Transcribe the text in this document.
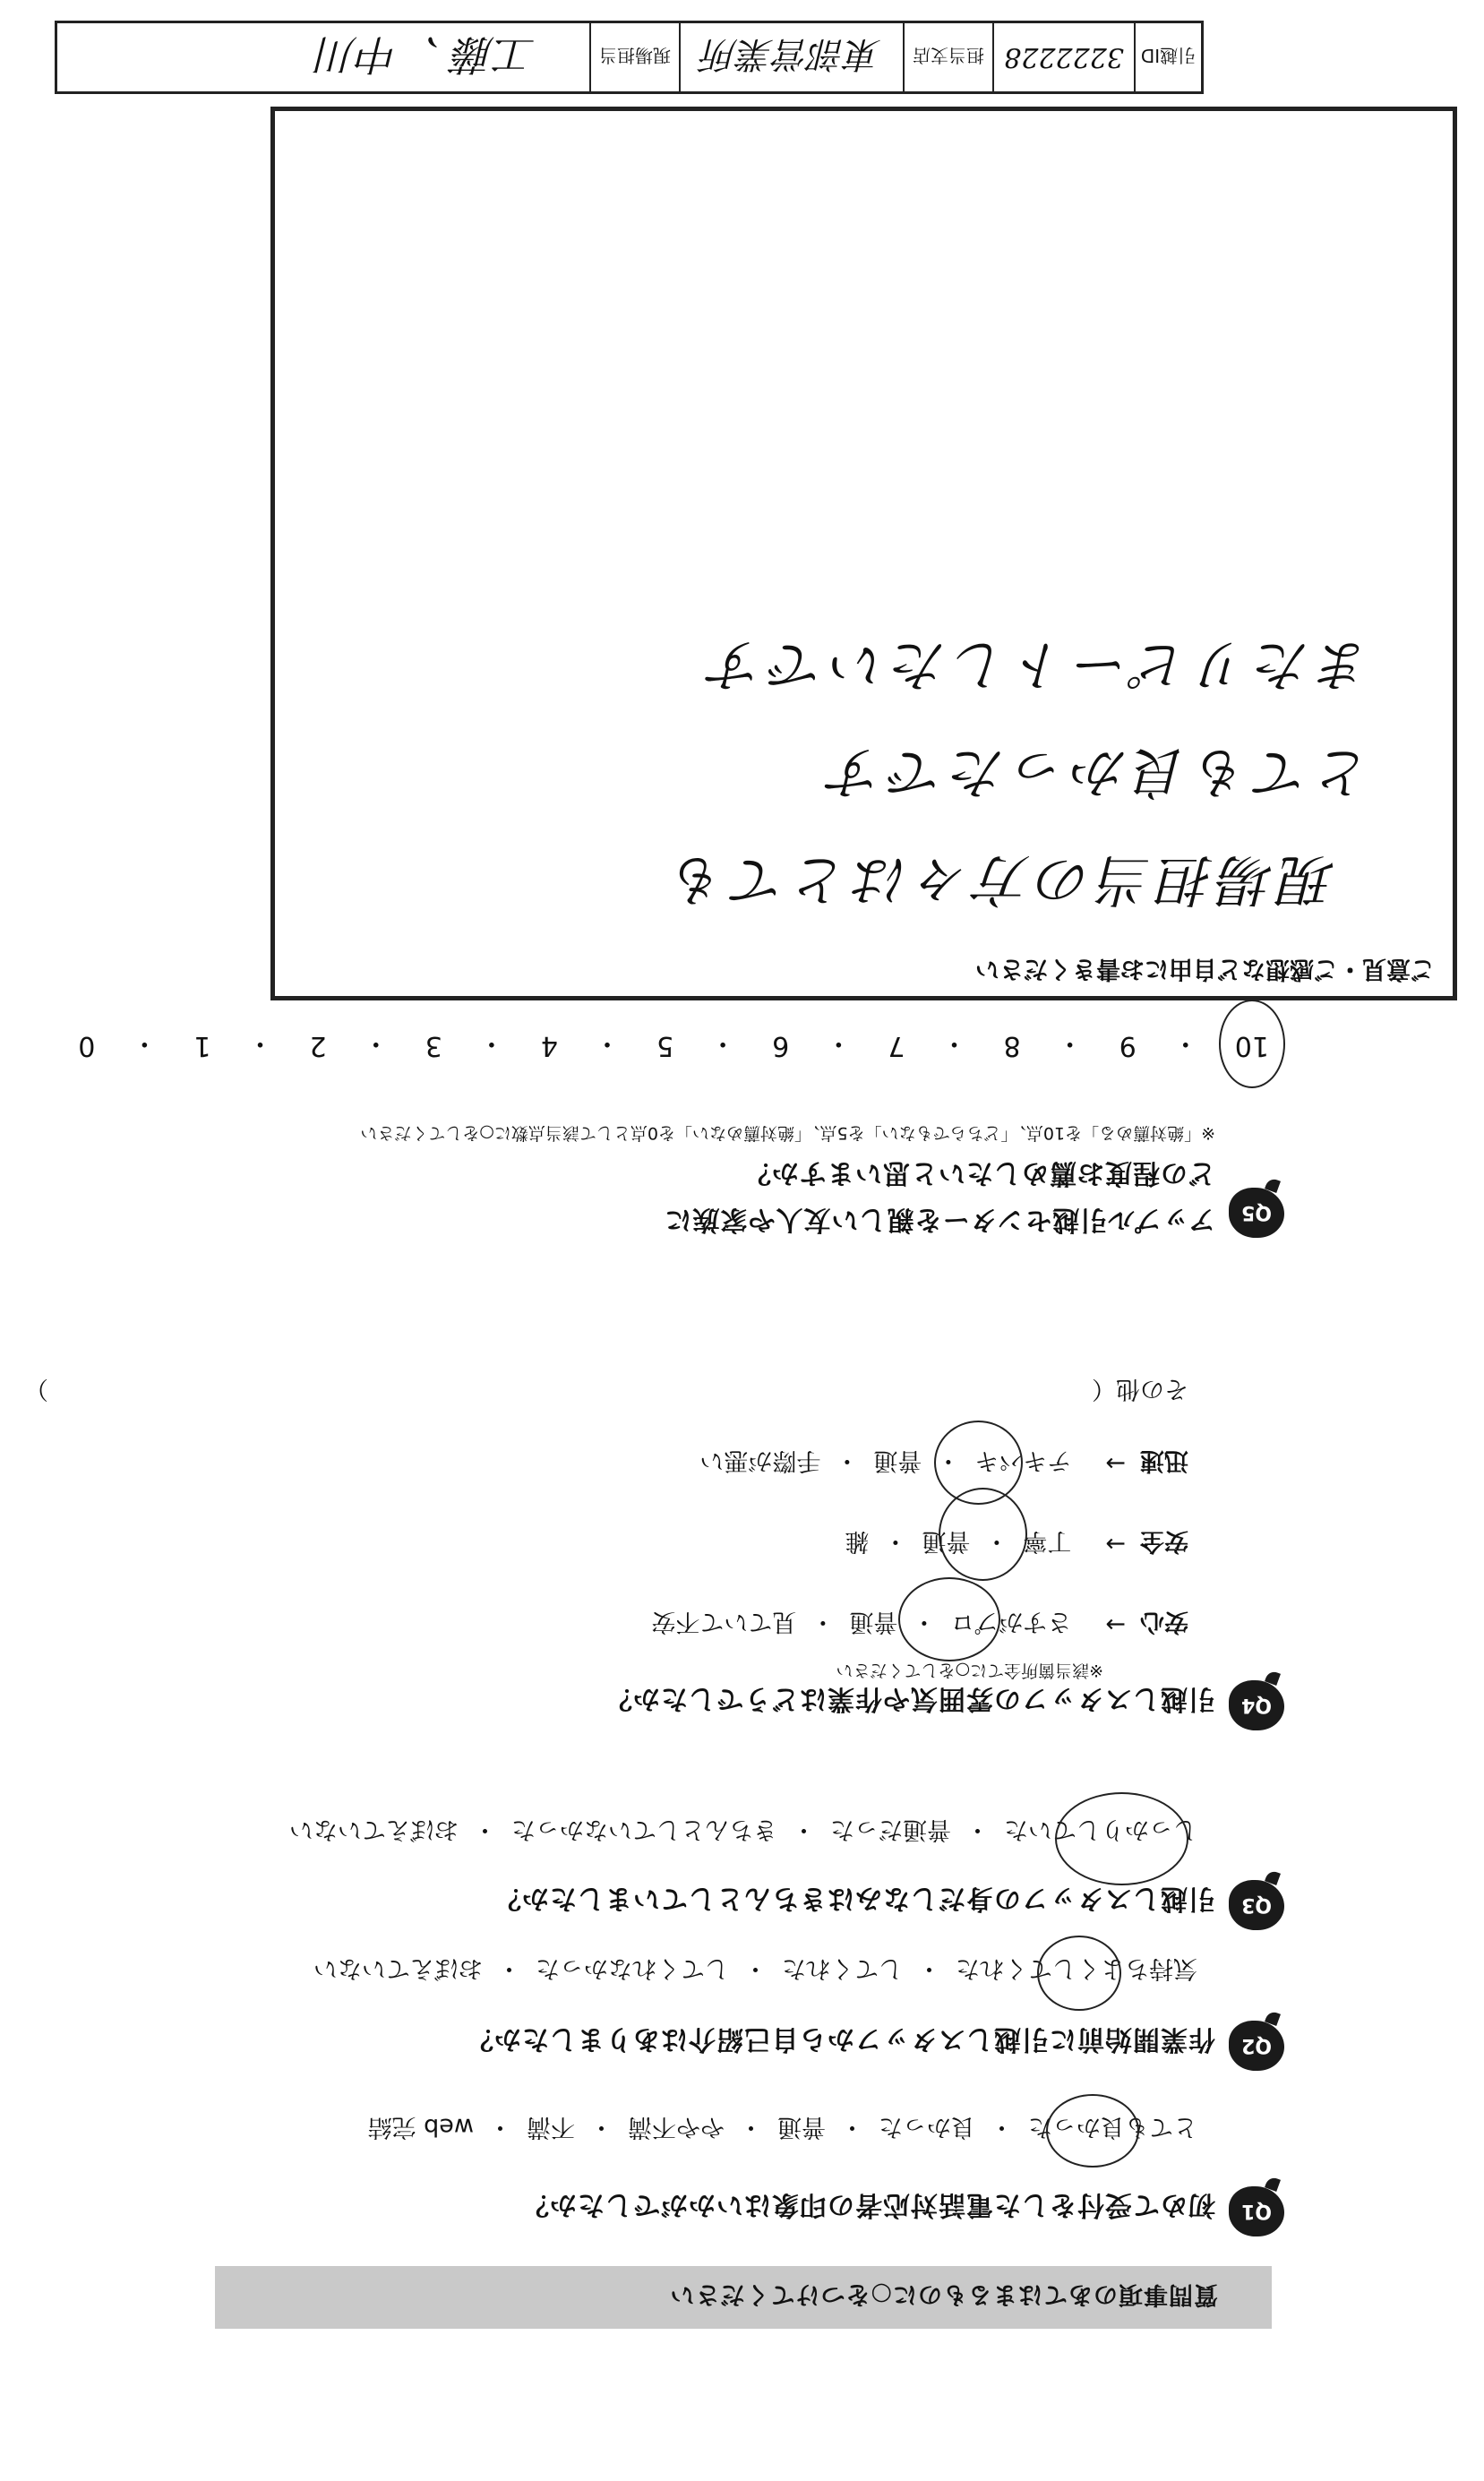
質問事項のあてはまるものに○をつけてください
Q1
初めて受付をした電話対応者の印象はいかがでしたか？
とても良かった
・
良かった
・
普通
・
やや不満
・
不満
・
web 完結
Q2
作業開始前に引越しスタッフから自己紹介はありましたか？
気持ちよくしてくれた
・
してくれた
・
してくれなかった
・
おぼえていない
Q3
引越しスタッフの身だしなみはきちんとしていましたか？
しっかりしていた
・
普通だった
・
きちんとしていなかった
・
おぼえていない
Q4
引越しスタッフの雰囲気や作業はどうでしたか？
※該当箇所全てに○をしてください
安心
→
さすがプロ
・
普通
・
見ていて不安
安全
→
丁寧
・
普通
・
雑
迅速
→
テキパキ
・
普通
・
手際が悪い
その他（
）
Q5
アップル引越センターを親しい友人や家族に
どの程度お薦めしたいと思いますか？
※「絶対薦める」を10点、「どちらでもない」を5点、「絶対薦めない」を0点として該当点数に○をしてください
10
・
9
・
8
・
7
・
6
・
5
・
4
・
3
・
2
・
1
・
0
ご意見・ご感想など自由にお書きください
現場担当の方々はとても
とても良かったです
またリピートしたいです
引越ID
3222228
担当支店
東部営業所
現場担当
工藤 、中川
